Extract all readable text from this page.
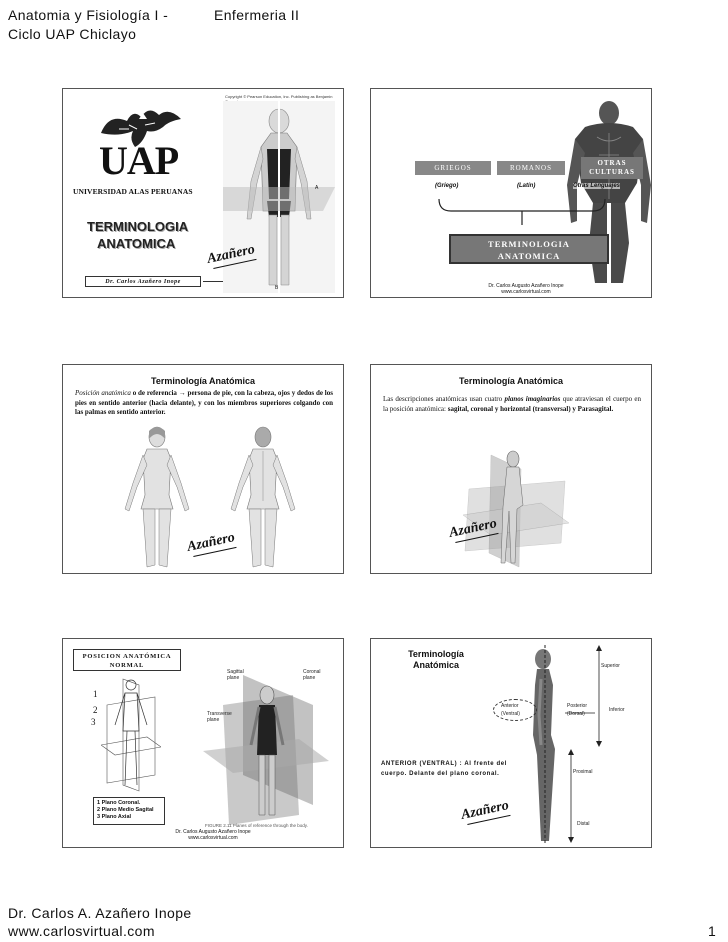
Anatomia y Fisiología I -	Enfermeria II
Ciclo UAP Chiclayo
Copyright © Pearson Education, Inc. Publishing as Benjamin Cummings
UAP
UNIVERSIDAD ALAS PERUANAS
TERMINOLOGIA
ANATOMICA
Dr. Carlos Azañero Inope
A
B
Azañero
GRIEGOS	ROMANOS
OTRAS
CULTURAS
(Griego)	(Latín)	Otras Lenguajes
TERMINOLOGIA
ANATOMICA
Dr. Carlos Augusto Azañero Inope
www.carlosvirtual.com
Terminología Anatómica
Posición anatómica o de referencia → persona de pie, con la cabeza, ojos y dedos de los pies en sentido anterior (hacia delante), y con los miembros superiores colgando con las palmas en sentido anterior.
Azañero
Terminología Anatómica
Las descripciones anatómicas usan cuatro planos imaginarios que atraviesan el cuerpo en la posición anatómica: sagital, coronal y horizontal (transversal) y Parasagital.
Azañero
POSICION ANATÓMICA
NORMAL
1
2
3
1 Plano Coronal.
2 Plano Medio Sagital
3 Plano Axial
Sagittal plane
Coronal plane
Transverse plane
FIGURE 2.11 Planes of reference through the body.
Dr. Carlos Augusto Azañero Inope
www.carlosvirtual.com
Terminología
Anatómica	Superior
Anterior
(Ventral)
Posterior
(Dorsal)
Inferior
Proximal
Distal
ANTERIOR (VENTRAL) : Al frente del cuerpo. Delante del plano coronal.
Azañero
Dr. Carlos A. Azañero Inope
www.carlosvirtual.com	1
